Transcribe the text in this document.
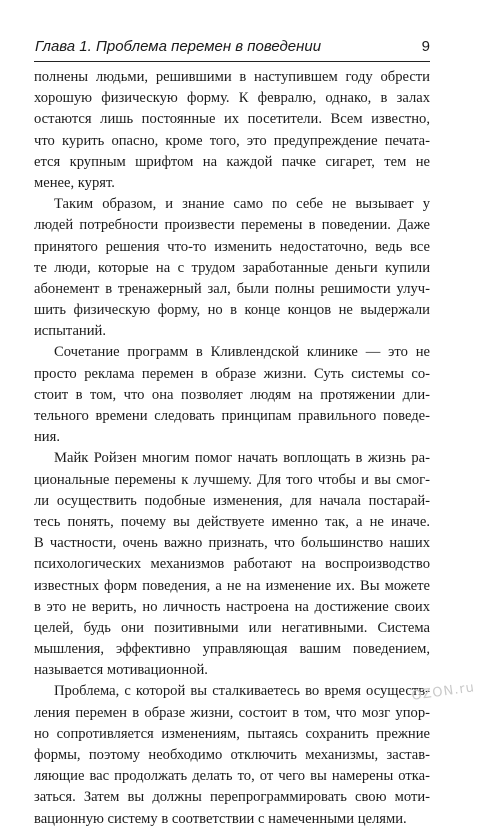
Глава 1. Проблема перемен в поведении	9

полнены людьми, решившими в наступившем году обрести
хорошую физическую форму. К февралю, однако, в залах
остаются лишь постоянные их посетители. Всем известно,
что курить опасно, кроме того, это предупреждение печата-
ется крупным шрифтом на каждой пачке сигарет, тем не
менее, курят.

Таким образом, и знание само по себе не вызывает у
людей потребности произвести перемены в поведении. Даже
принятого решения что-то изменить недостаточно, ведь все
те люди, которые на с трудом заработанные деньги купили
абонемент в тренажерный зал, были полны решимости улуч-
шить физическую форму, но в конце концов не выдержали
испытаний.

Сочетание программ в Кливлендской клинике — это не
просто реклама перемен в образе жизни. Суть системы со-
стоит в том, что она позволяет людям на протяжении дли-
тельного времени следовать принципам правильного поведе-
ния.

Майк Ройзен многим помог начать воплощать в жизнь ра-
циональные перемены к лучшему. Для того чтобы и вы смог-
ли осуществить подобные изменения, для начала постарай-
тесь понять, почему вы действуете именно так, а не иначе.
В частности, очень важно признать, что большинство наших
психологических механизмов работают на воспроизводство
известных форм поведения, а не на изменение их. Вы можете
в это не верить, но личность настроена на достижение своих
целей, будь они позитивными или негативными. Система
мышления, эффективно управляющая вашим поведением,
называется мотивационной.

Проблема, с которой вы сталкиваетесь во время осуществ-
ления перемен в образе жизни, состоит в том, что мозг упор-
но сопротивляется изменениям, пытаясь сохранить прежние
формы, поэтому необходимо отключить механизмы, застав-
ляющие вас продолжать делать то, от чего вы намерены отка-
заться. Затем вы должны перепрограммировать свою моти-
вационную систему в соответствии с намеченными целями.

OZON.ru
